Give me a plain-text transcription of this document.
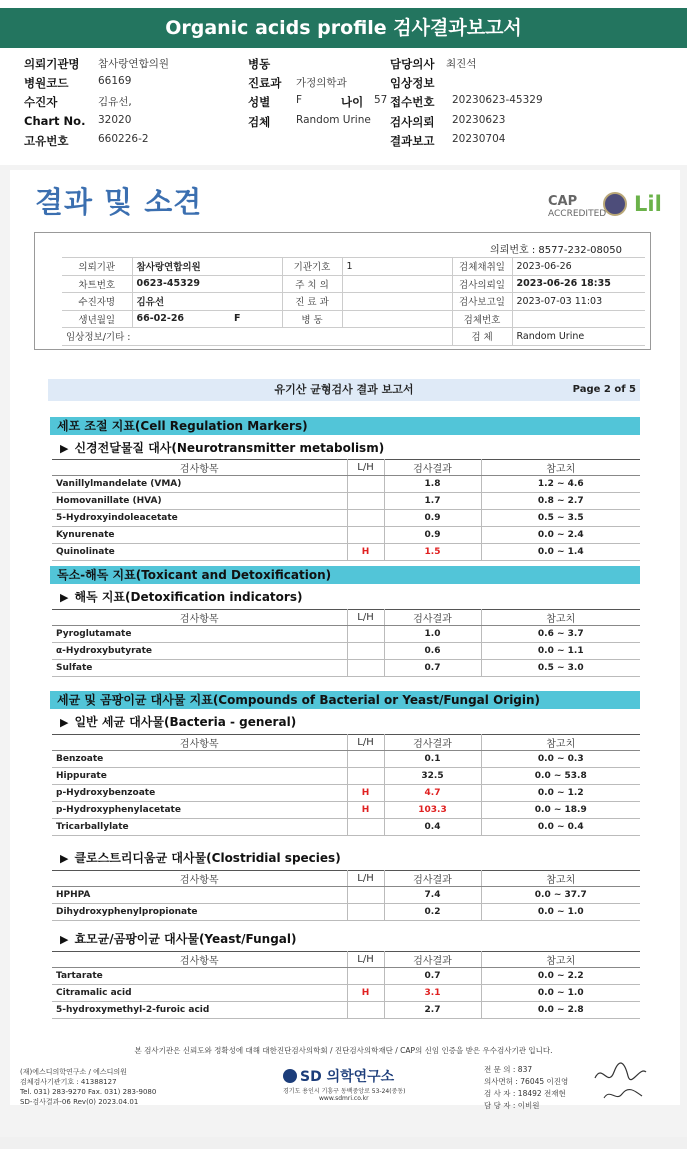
Organic acids profile 검사결과보고서
의뢰기관명 참사랑연합의원	병동	담당의사 최진석
병원코드	66169	진료과 가정의학과	임상정보
수진자	김유선,	성별 F	나이 57 접수번호 20230623-45329
Chart No. 32020	검체 Random Urine 검사의뢰 20230623
고유번호	660226-2	결과보고 20230704
결과 및 소견	CAP
ACCREDITED Lil
의뢰번호 : 8577-232-08050
의뢰기관	참사랑연합의원	기관기호	1	검체채취일	2023-06-26
차트번호	0623-45329	주 치 의		검사의뢰일	2023-06-26 18:35
수진자명	김유선	진 료 과		검사보고일	2023-07-03 11:03
생년월일	66-02-26 F	병 동		검체번호	
임상정보/기타 :				검 체	Random Urine
유기산 균형검사 결과 보고서	Page 2 of 5
세포 조절 지표(Cell Regulation Markers)
▶ 신경전달물질 대사(Neurotransmitter metabolism)
검사항목	L/H	검사결과	참고치
Vanillylmandelate (VMA)		1.8	1.2 ~ 4.6
Homovanillate (HVA)		1.7	0.8 ~ 2.7
5-Hydroxyindoleacetate		0.9	0.5 ~ 3.5
Kynurenate		0.9	0.0 ~ 2.4
Quinolinate	H	1.5	0.0 ~ 1.4
독소-해독 지표(Toxicant and Detoxification)
▶ 해독 지표(Detoxification indicators)
검사항목	L/H	검사결과	참고치
Pyroglutamate		1.0	0.6 ~ 3.7
α-Hydroxybutyrate		0.6	0.0 ~ 1.1
Sulfate		0.7	0.5 ~ 3.0
세균 및 곰팡이균 대사물 지표(Compounds of Bacterial or Yeast/Fungal Origin)
▶ 일반 세균 대사물(Bacteria - general)
검사항목	L/H	검사결과	참고치
Benzoate		0.1	0.0 ~ 0.3
Hippurate		32.5	0.0 ~ 53.8
p-Hydroxybenzoate	H	4.7	0.0 ~ 1.2
p-Hydroxyphenylacetate	H	103.3	0.0 ~ 18.9
Tricarballylate		0.4	0.0 ~ 0.4
▶ 클로스트리디움균 대사물(Clostridial species)
검사항목	L/H	검사결과	참고치
HPHPA		7.4	0.0 ~ 37.7
Dihydroxyphenylpropionate		0.2	0.0 ~ 1.0
▶ 효모균/곰팡이균 대사물(Yeast/Fungal)
검사항목	L/H	검사결과	참고치
Tartarate		0.7	0.0 ~ 2.2
Citramalic acid	H	3.1	0.0 ~ 1.0
5-hydroxymethyl-2-furoic acid		2.7	0.0 ~ 2.8
본 검사기관은 신뢰도와 정확성에 대해 대한진단검사의학회 / 진단검사의학재단 / CAP의 신임 인증을 받은 우수검사기관 입니다.
(재)에스디의학연구소 / 에스디의원
검체검사기관기호 : 41388127
Tel. 031) 283-9270 Fax. 031) 283-9080
SD-검사결과-06 Rev(0) 2023.04.01
SD 의학연구소
경기도 용인시 기흥구 동백중앙로 53-24(중동)
www.sdmri.co.kr
전 문 의 : 837
의사면허 : 76045 이진영
검 사 자 : 18492 전재현
담 당 자 : 이비원
